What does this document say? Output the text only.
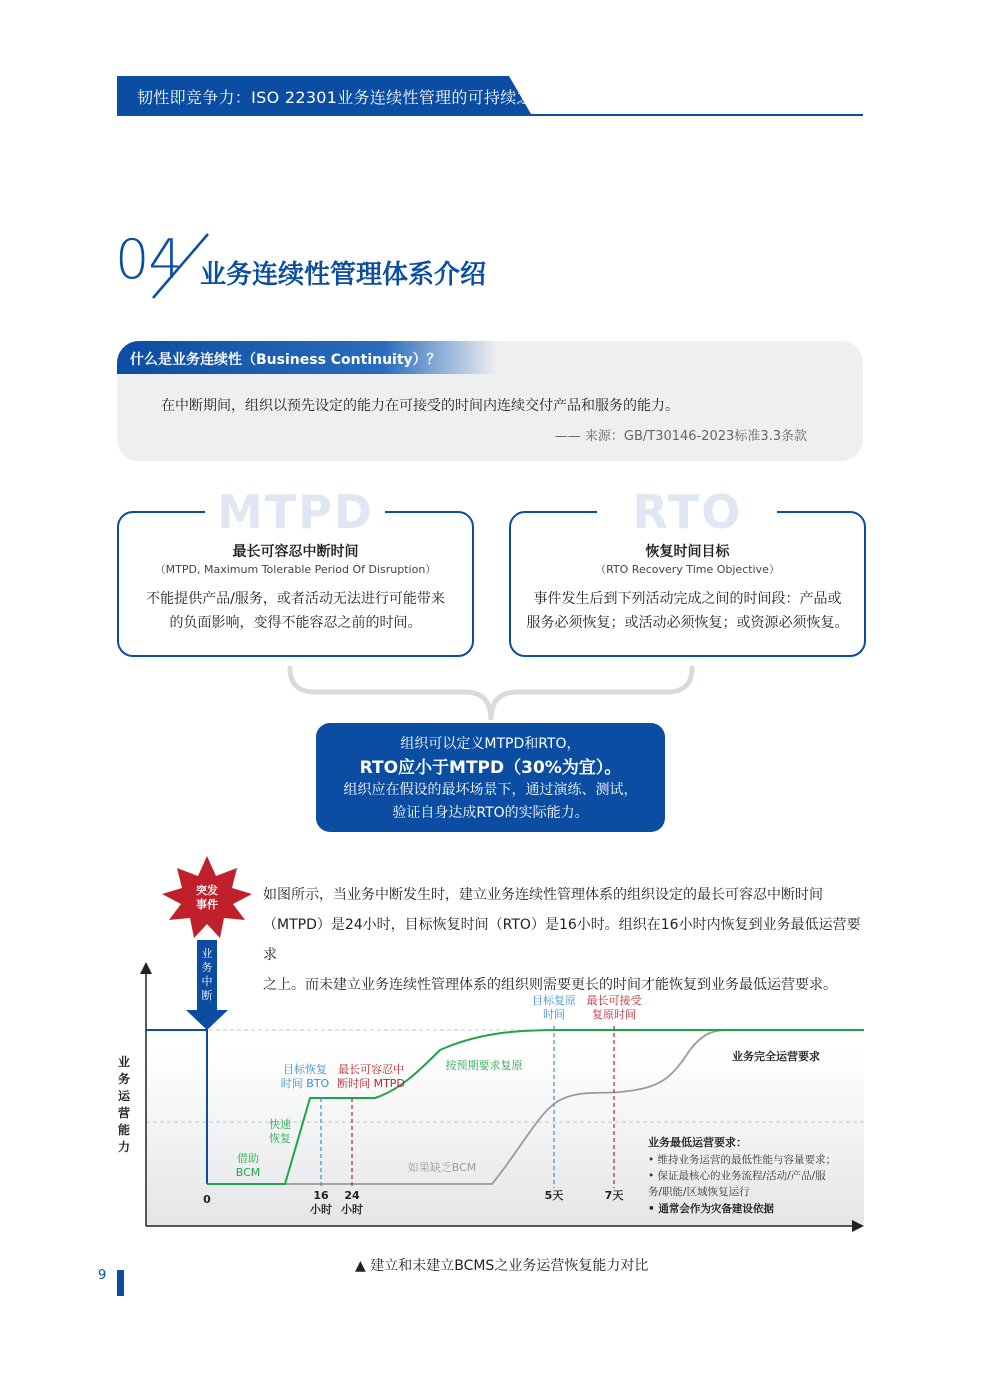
韧性即竞争力：ISO 22301业务连续性管理的可持续之道
04 业务连续性管理体系介绍
什么是业务连续性（Business Continuity）？
在中断期间，组织以预先设定的能力在可接受的时间内连续交付产品和服务的能力。
—— 来源：GB/T30146-2023标准3.3条款
MTPD
最长可容忍中断时间
（MTPD, Maximum Tolerable Period Of Disruption）
不能提供产品/服务，或者活动无法进行可能带来
的负面影响，变得不能容忍之前的时间。
RTO
恢复时间目标
（RTO Recovery Time Objective）
事件发生后到下列活动完成之间的时间段：产品或
服务必须恢复；或活动必须恢复；或资源必须恢复。
组织可以定义MTPD和RTO，
RTO应小于MTPD（30%为宜）。
组织应在假设的最坏场景下，通过演练、测试，
验证自身达成RTO的实际能力。
如图所示，当业务中断发生时，建立业务连续性管理体系的组织设定的最长可容忍中断时间
（MTPD）是24小时，目标恢复时间（RTO）是16小时。组织在16小时内恢复到业务最低运营要求
之上。而未建立业务连续性管理体系的组织则需要更长的时间才能恢复到业务最低运营要求。
业
务
中
断
突发
事件
业
务
运
营
能
力
0	16
小时
24
小时
5天	7天
目标恢复
时间 BTO
最长可容忍中
断时间 MTPD
目标复原
时间
最长可接受
复原时间
借助
BCM
快速
恢复
按预期要求复原
如果缺乏BCM
业务完全运营要求
业务最低运营要求：
• 维持业务运营的最低性能与容量要求；
• 保证最核心的业务流程/活动/产品/服
务/职能/区域恢复运行
• 通常会作为灾备建设依据
▲ 建立和未建立BCMS之业务运营恢复能力对比
9
